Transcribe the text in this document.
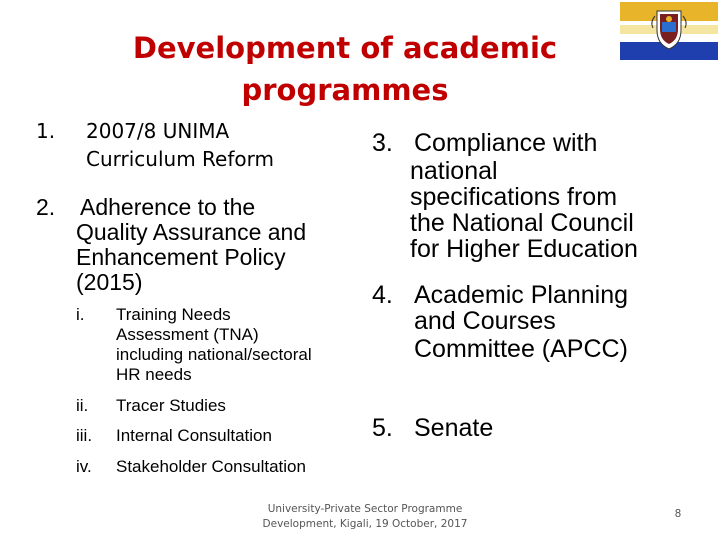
Development of academic
programmes
1. 2007/8 UNIMA
Curriculum Reform
2. Adherence to the
Quality Assurance and
Enhancement Policy
(2015)
i. Training Needs
Assessment (TNA)
including national/sectoral
HR needs
ii. Tracer Studies
iii. Internal Consultation
iv. Stakeholder Consultation
3. Compliance with
national
specifications from
the National Council
for Higher Education
4. Academic Planning
and Courses
Committee (APCC)
5. Senate
University-Private Sector Programme
Development, Kigali, 19 October, 2017
8
